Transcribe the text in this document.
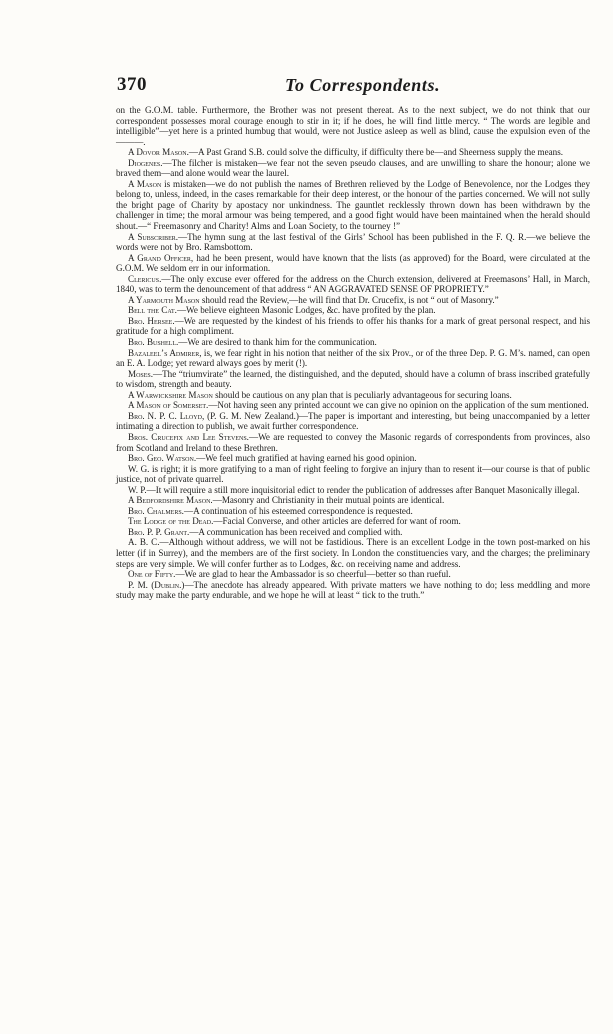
370	To Correspondents.

on the G.O.M. table. Furthermore, the Brother was not present thereat. As to the next subject, we do not think that our correspondent possesses moral courage enough to stir in it; if he does, he will find little mercy. “ The words are legible and intelligible”—yet here is a printed humbug that would, were not Justice asleep as well as blind, cause the expulsion even of the ———.

A Dovor Mason.—A Past Grand S.B. could solve the difficulty, if difficulty there be—and Sheerness supply the means.

Diogenes.—The filcher is mistaken—we fear not the seven pseudo clauses, and are unwilling to share the honour; alone we braved them—and alone would wear the laurel.

A Mason is mistaken—we do not publish the names of Brethren relieved by the Lodge of Benevolence, nor the Lodges they belong to, unless, indeed, in the cases remarkable for their deep interest, or the honour of the parties concerned. We will not sully the bright page of Charity by apostacy nor unkindness. The gauntlet recklessly thrown down has been withdrawn by the challenger in time; the moral armour was being tempered, and a good fight would have been maintained when the herald should shout.—“ Freemasonry and Charity! Alms and Loan Society, to the tourney !”

A Subscriber.—The hymn sung at the last festival of the Girls’ School has been published in the F. Q. R.—we believe the words were not by Bro. Ramsbottom.

A Grand Officer, had he been present, would have known that the lists (as approved) for the Board, were circulated at the G.O.M. We seldom err in our information.

Clericus.—The only excuse ever offered for the address on the Church extension, delivered at Freemasons’ Hall, in March, 1840, was to term the denouncement of that address “ AN AGGRAVATED SENSE OF PROPRIETY.”

A Yarmouth Mason should read the Review,—he will find that Dr. Crucefix, is not “ out of Masonry.”

Bell the Cat.—We believe eighteen Masonic Lodges, &c. have profited by the plan.

Bro. Hersee.—We are requested by the kindest of his friends to offer his thanks for a mark of great personal respect, and his gratitude for a high compliment.

Bro. Bushell.—We are desired to thank him for the communication.

Bazaleel’s Admirer, is, we fear right in his notion that neither of the six Prov., or of the three Dep. P. G. M’s. named, can open an E. A. Lodge; yet reward always goes by merit (!).

Moses.—The “triumvirate” the learned, the distinguished, and the deputed, should have a column of brass inscribed gratefully to wisdom, strength and beauty.

A Warwickshire Mason should be cautious on any plan that is peculiarly advantageous for securing loans.

A Mason of Somerset.—Not having seen any printed account we can give no opinion on the application of the sum mentioned.

Bro. N. P. C. Lloyd, (P. G. M. New Zealand.)—The paper is important and interesting, but being unaccompanied by a letter intimating a direction to publish, we await further correspondence.

Bros. Crucefix and Lee Stevens.—We are requested to convey the Masonic regards of correspondents from provinces, also from Scotland and Ireland to these Brethren.

Bro. Geo. Watson.—We feel much gratified at having earned his good opinion.

W. G. is right; it is more gratifying to a man of right feeling to forgive an injury than to resent it—our course is that of public justice, not of private quarrel.

W. P.—It will require a still more inquisitorial edict to render the publication of addresses after Banquet Masonically illegal.

A Bedfordshire Mason.—Masonry and Christianity in their mutual points are identical.

Bro. Chalmers.—A continuation of his esteemed correspondence is requested.

The Lodge of the Dead.—Facial Converse, and other articles are deferred for want of room.

Bro. P. P. Grant.—A communication has been received and complied with.

A. B. C.—Although without address, we will not be fastidious. There is an excellent Lodge in the town post-marked on his letter (if in Surrey), and the members are of the first society. In London the constituencies vary, and the charges; the preliminary steps are very simple. We will confer further as to Lodges, &c. on receiving name and address.

One of Fifty.—We are glad to hear the Ambassador is so cheerful—better so than rueful.

P. M. (Dublin.)—The anecdote has already appeared. With private matters we have nothing to do; less meddling and more study may make the party endurable, and we hope he will at least “ tick to the truth.”
